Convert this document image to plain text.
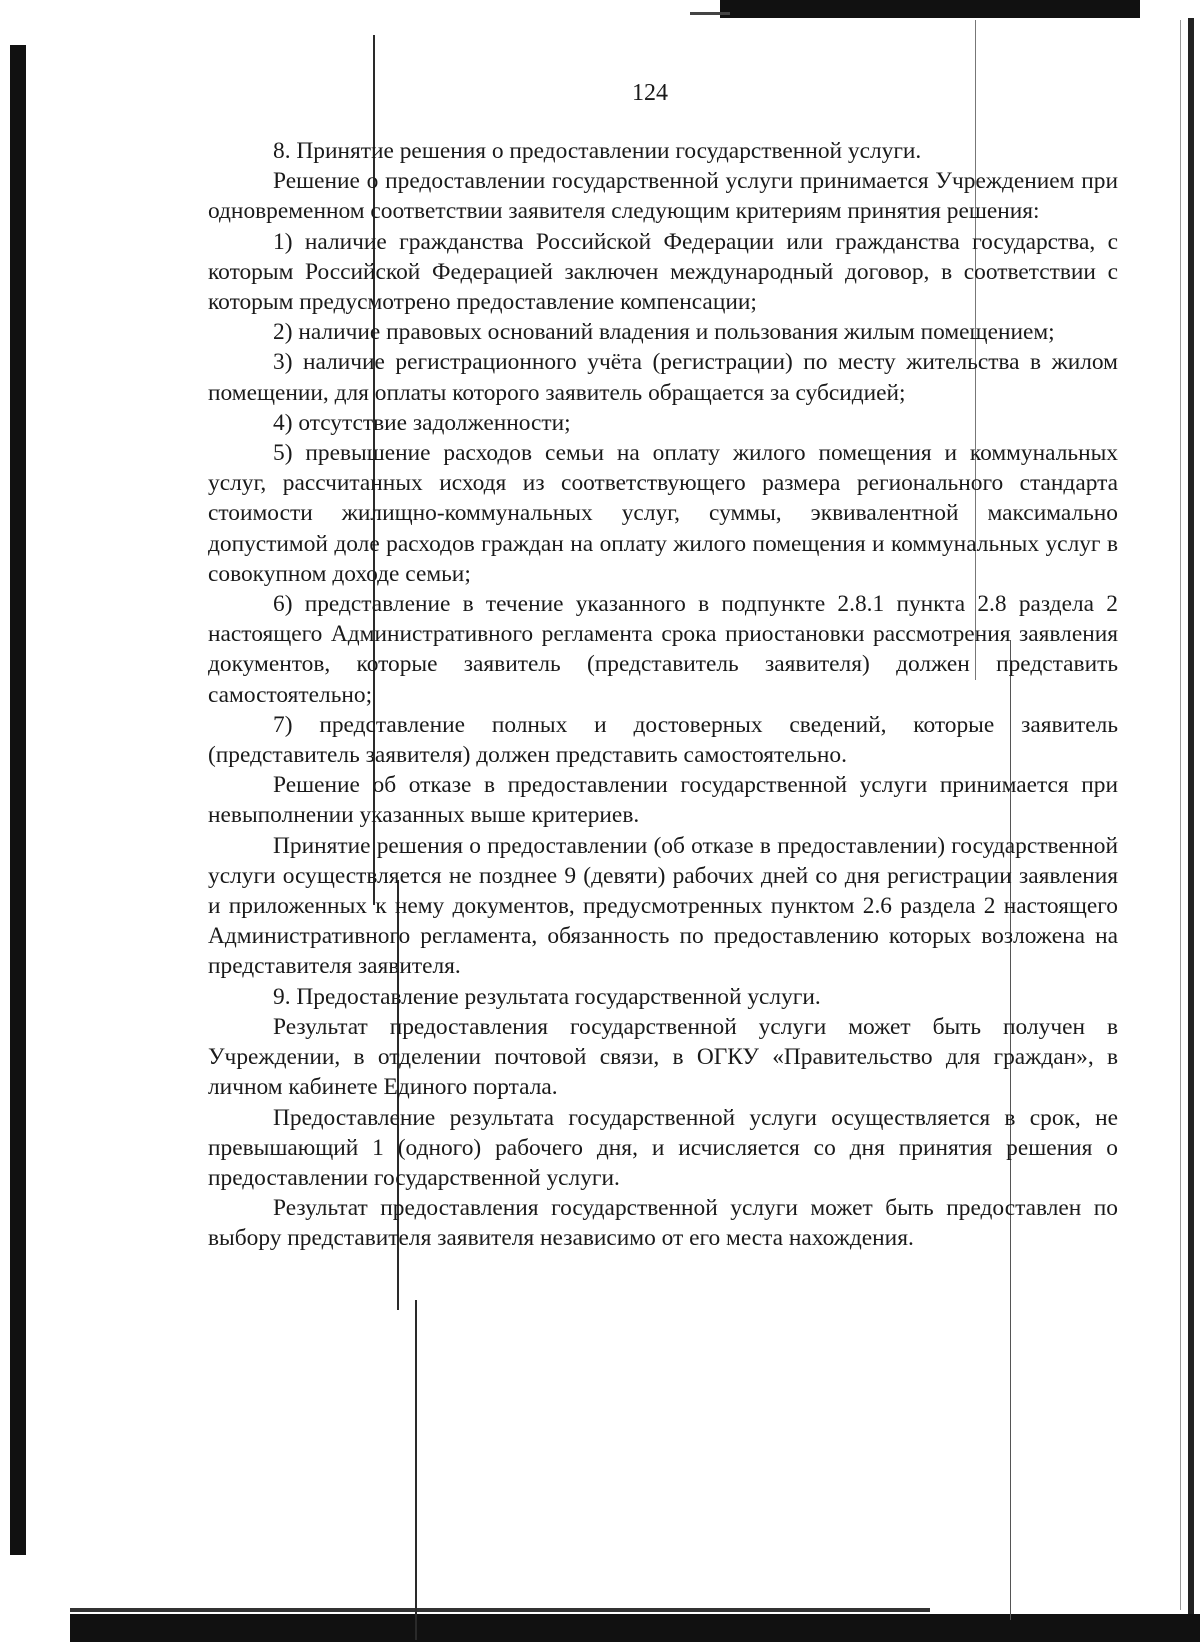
124

8. Принятие решения о предоставлении государственной услуги.

Решение о предоставлении государственной услуги принимается Учреждением при одновременном соответствии заявителя следующим критериям принятия решения:

1) наличие гражданства Российской Федерации или гражданства государства, с которым Российской Федерацией заключен международный договор, в соответствии с которым предусмотрено предоставление компенсации;

2) наличие правовых оснований владения и пользования жилым помещением;

3) наличие регистрационного учёта (регистрации) по месту жительства в жилом помещении, для оплаты которого заявитель обращается за субсидией;

4) отсутствие задолженности;

5) превышение расходов семьи на оплату жилого помещения и коммунальных услуг, рассчитанных исходя из соответствующего размера регионального стандарта стоимости жилищно-коммунальных услуг, суммы, эквивалентной максимально допустимой доле расходов граждан на оплату жилого помещения и коммунальных услуг в совокупном доходе семьи;

6) представление в течение указанного в подпункте 2.8.1 пункта 2.8 раздела 2 настоящего Административного регламента срока приостановки рассмотрения заявления документов, которые заявитель (представитель заявителя) должен представить самостоятельно;

7) представление полных и достоверных сведений, которые заявитель (представитель заявителя) должен представить самостоятельно.

Решение об отказе в предоставлении государственной услуги принимается при невыполнении указанных выше критериев.

Принятие решения о предоставлении (об отказе в предоставлении) государственной услуги осуществляется не позднее 9 (девяти) рабочих дней со дня регистрации заявления и приложенных к нему документов, предусмотренных пунктом 2.6 раздела 2 настоящего Административного регламента, обязанность по предоставлению которых возложена на представителя заявителя.

9. Предоставление результата государственной услуги.

Результат предоставления государственной услуги может быть получен в Учреждении, в отделении почтовой связи, в ОГКУ «Правительство для граждан», в личном кабинете Единого портала.

Предоставление результата государственной услуги осуществляется в срок, не превышающий 1 (одного) рабочего дня, и исчисляется со дня принятия решения о предоставлении государственной услуги.

Результат предоставления государственной услуги может быть предоставлен по выбору представителя заявителя независимо от его места нахождения.
